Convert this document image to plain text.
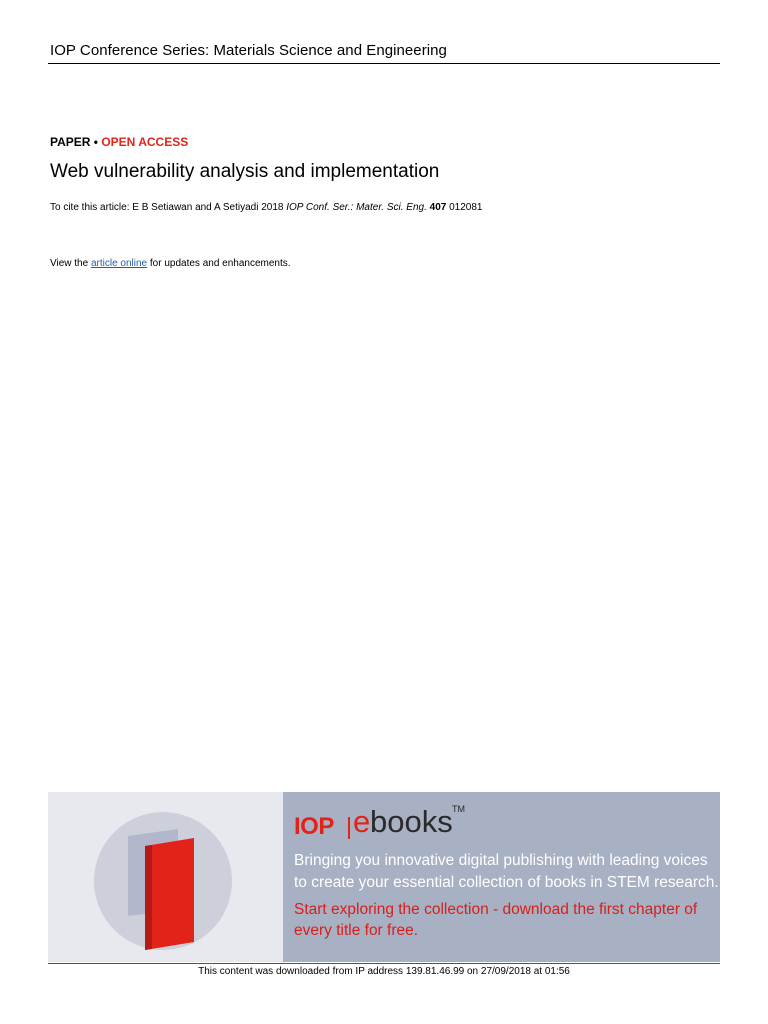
IOP Conference Series: Materials Science and Engineering
PAPER • OPEN ACCESS
Web vulnerability analysis and implementation
To cite this article: E B Setiawan and A Setiyadi 2018 IOP Conf. Ser.: Mater. Sci. Eng. 407 012081
View the article online for updates and enhancements.
IOP e books TM
Bringing you innovative digital publishing with leading voices
to create your essential collection of books in STEM research.
Start exploring the collection - download the first chapter of
every title for free.
This content was downloaded from IP address 139.81.46.99 on 27/09/2018 at 01:56
